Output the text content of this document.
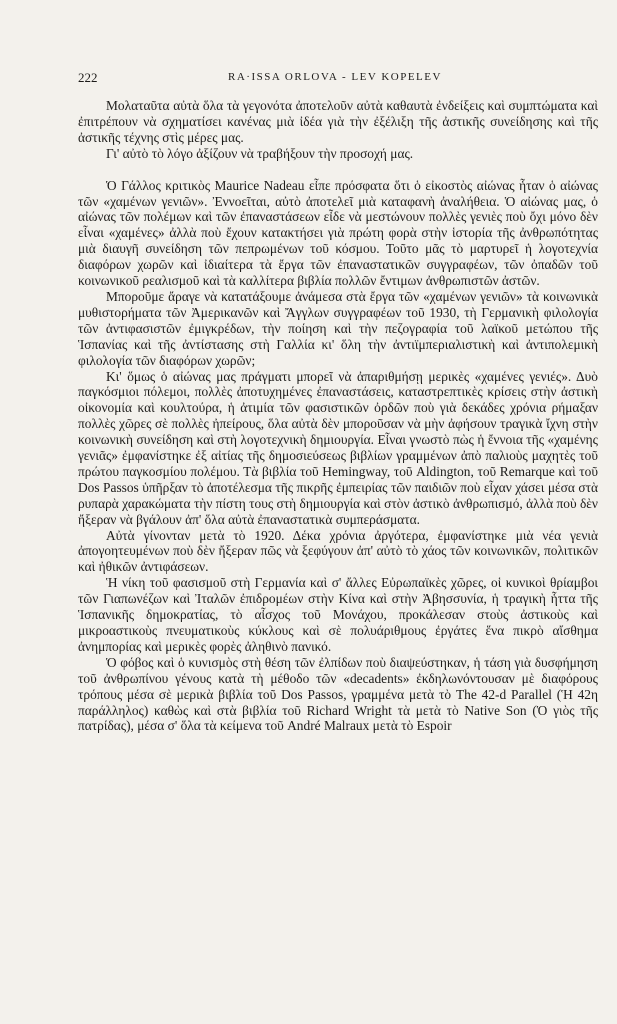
222	RA·ISSA ORLOVA - LEV KOPELEV

Μολαταῦτα αὐτὰ ὅλα τὰ γεγονότα ἀποτελοῦν αὐτὰ καθαυτὰ ἐνδείξεις καὶ συμπτώματα καὶ ἐπιτρέπουν νὰ σχηματίσει κανένας μιὰ ἰδέα γιὰ τὴν ἐξέλιξη τῆς ἀστικῆς συνείδησης καὶ τῆς ἀστικῆς τέχνης στὶς μέρες μας.

Γι' αὐτὸ τὸ λόγο ἀξίζουν νὰ τραβήξουν τὴν προσοχή μας.

Ὁ Γάλλος κριτικὸς Maurice Nadeau εἶπε πρόσφατα ὅτι ὁ εἰκοστὸς αἰώνας ἦταν ὁ αἰώνας τῶν «χαμένων γενιῶν». Ἐννοεῖται, αὐτὸ ἀποτελεῖ μιὰ καταφανὴ ἀναλήθεια. Ὁ αἰώνας μας, ὁ αἰώνας τῶν πολέμων καὶ τῶν ἐπαναστάσεων εἶδε νὰ μεστώνουν πολλὲς γενιὲς ποὺ ὄχι μόνο δὲν εἶναι «χαμένες» ἀλλὰ ποὺ ἔχουν κατακτήσει γιὰ πρώτη φορὰ στὴν ἱστορία τῆς ἀνθρωπότητας μιὰ διαυγῆ συνείδηση τῶν πεπρωμένων τοῦ κόσμου. Τοῦτο μᾶς τὸ μαρτυρεῖ ἡ λογοτεχνία διαφόρων χωρῶν καὶ ἰδιαίτερα τὰ ἔργα τῶν ἐπαναστατικῶν συγγραφέων, τῶν ὀπαδῶν τοῦ κοινωνικοῦ ρεαλισμοῦ καὶ τὰ καλλίτερα βιβλία πολλῶν ἔντιμων ἀνθρωπιστῶν ἀστῶν.

Μποροῦμε ἄραγε νὰ κατατάξουμε ἀνάμεσα στὰ ἔργα τῶν «χαμένων γενιῶν» τὰ κοινωνικὰ μυθιστορήματα τῶν Ἀμερικανῶν καὶ Ἄγγλων συγγραφέων τοῦ 1930, τὴ Γερμανικὴ φιλολογία τῶν ἀντιφασιστῶν ἐμιγκρέδων, τὴν ποίηση καὶ τὴν πεζογραφία τοῦ λαϊκοῦ μετώπου τῆς Ἱσπανίας καὶ τῆς ἀντίστασης στὴ Γαλλία κι' ὅλη τὴν ἀντιϊμπεριαλιστικὴ καὶ ἀντιπολεμικὴ φιλολογία τῶν διαφόρων χωρῶν;

Κι' ὅμως ὁ αἰώνας μας πράγματι μπορεῖ νὰ ἀπαριθμήσῃ μερικὲς «χαμένες γενιές». Δυὸ παγκόσμιοι πόλεμοι, πολλὲς ἀποτυχημένες ἐπαναστάσεις, καταστρεπτικὲς κρίσεις στὴν ἀστικὴ οἰκονομία καὶ κουλτούρα, ἡ ἀτιμία τῶν φασιστικῶν ὀρδῶν ποὺ γιὰ δεκάδες χρόνια ρήμαξαν πολλὲς χῶρες σὲ πολλὲς ἠπείρους, ὅλα αὐτὰ δὲν μποροῦσαν νὰ μὴν ἀφήσουν τραγικὰ ἴχνη στὴν κοινωνικὴ συνείδηση καὶ στὴ λογοτεχνικὴ δημιουργία. Εἶναι γνωστὸ πὼς ἡ ἔννοια τῆς «χαμένης γενιᾶς» ἐμφανίστηκε ἐξ αἰτίας τῆς δημοσιεύσεως βιβλίων γραμμένων ἀπὸ παλιοὺς μαχητὲς τοῦ πρώτου παγκοσμίου πολέμου. Τὰ βιβλία τοῦ Hemingway, τοῦ Aldington, τοῦ Remarque καὶ τοῦ Dos Passos ὑπῆρξαν τὸ ἀποτέλεσμα τῆς πικρῆς ἐμπειρίας τῶν παιδιῶν ποὺ εἶχαν χάσει μέσα στὰ ρυπαρὰ χαρακώματα τὴν πίστη τους στὴ δημιουργία καὶ στὸν ἀστικὸ ἀνθρωπισμό, ἀλλὰ ποὺ δὲν ἤξεραν νὰ βγάλουν ἀπ' ὅλα αὐτὰ ἐπαναστατικὰ συμπεράσματα.

Αὐτὰ γίνονταν μετὰ τὸ 1920. Δέκα χρόνια ἀργότερα, ἐμφανίστηκε μιὰ νέα γενιὰ ἀπογοητευμένων ποὺ δὲν ἤξεραν πῶς νὰ ξεφύγουν ἀπ' αὐτὸ τὸ χάος τῶν κοινωνικῶν, πολιτικῶν καὶ ἠθικῶν ἀντιφάσεων.

Ἡ νίκη τοῦ φασισμοῦ στὴ Γερμανία καὶ σ' ἄλλες Εὐρωπαϊκὲς χῶρες, οἱ κυνικοὶ θρίαμβοι τῶν Γιαπωνέζων καὶ Ἰταλῶν ἐπιδρομέων στὴν Κίνα καὶ στὴν Ἀβησσυνία, ἡ τραγικὴ ἧττα τῆς Ἱσπανικῆς δημοκρατίας, τὸ αἶσχος τοῦ Μονάχου, προκάλεσαν στοὺς ἀστικοὺς καὶ μικροαστικοὺς πνευματικοὺς κύκλους καὶ σὲ πολυάριθμους ἐργάτες ἕνα πικρὸ αἴσθημα ἀνημπορίας καὶ μερικὲς φορὲς ἀληθινὸ πανικό.

Ὁ φόβος καὶ ὁ κυνισμὸς στὴ θέση τῶν ἐλπίδων ποὺ διαψεύστηκαν, ἡ τάση γιὰ δυσφήμηση τοῦ ἀνθρωπίνου γένους κατὰ τὴ μέθοδο τῶν «decadents» ἐκδηλωνόντουσαν μὲ διαφόρους τρόπους μέσα σὲ μερικὰ βιβλία τοῦ Dos Passos, γραμμένα μετὰ τὸ The 42-d Parallel (Ἡ 42η παράλληλος) καθὼς καὶ στὰ βιβλία τοῦ Richard Wright τὰ μετὰ τὸ Native Son (Ὁ γιὸς τῆς πατρίδας), μέσα σ' ὅλα τὰ κείμενα τοῦ André Malraux μετὰ τὸ Espoir
